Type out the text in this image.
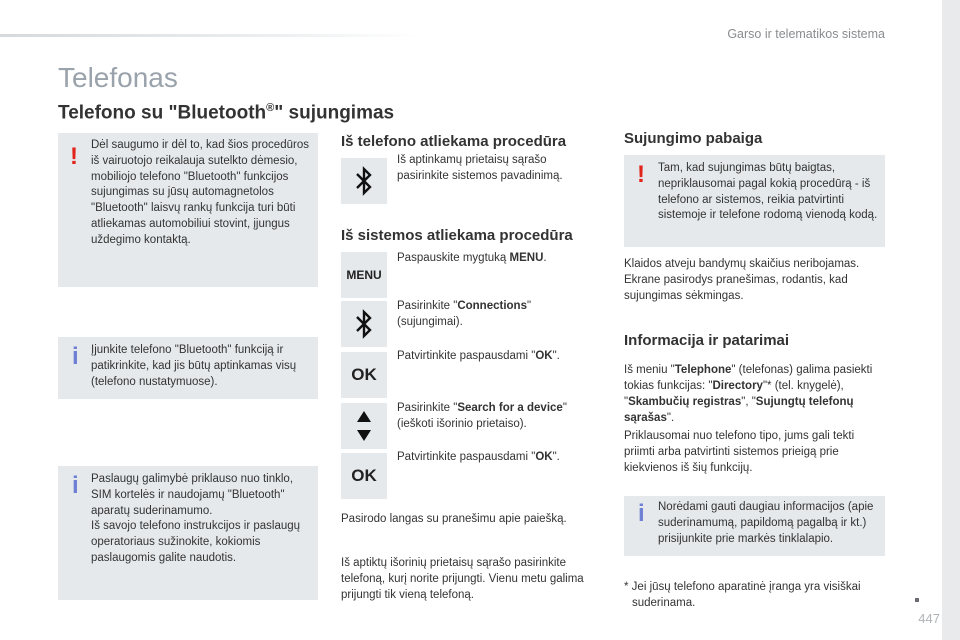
Garso ir telematikos sistema
Telefonas
Telefono su "Bluetooth®" sujungimas
! Dėl saugumo ir dėl to, kad šios procedūros iš vairuotojo reikalauja sutelkto dėmesio, mobiliojo telefono "Bluetooth" funkcijos sujungimas su jūsų automagnetolos "Bluetooth" laisvų rankų funkcija turi būti atliekamas automobiliui stovint, įjungus uždegimo kontaktą.
i Įjunkite telefono "Bluetooth" funkciją ir patikrinkite, kad jis būtų aptinkamas visų (telefono nustatymuose).
i Paslaugų galimybė priklauso nuo tinklo, SIM kortelės ir naudojamų "Bluetooth" aparatų suderinamumo.
Iš savojo telefono instrukcijos ir paslaugų operatoriaus sužinokite, kokiomis paslaugomis galite naudotis.
Iš telefono atliekama procedūra
Iš aptinkamų prietaisų sąrašo pasirinkite sistemos pavadinimą.
Iš sistemos atliekama procedūra
MENU
Paspauskite mygtuką MENU.
Pasirinkite "Connections" (sujungimai).
OK
Patvirtinkite paspausdami "OK".
Pasirinkite "Search for a device" (ieškoti išorinio prietaiso).
OK
Patvirtinkite paspausdami "OK".
Pasirodo langas su pranešimu apie paiešką.
Iš aptiktų išorinių prietaisų sąrašo pasirinkite telefoną, kurį norite prijungti. Vienu metu galima prijungti tik vieną telefoną.
Sujungimo pabaiga
! Tam, kad sujungimas būtų baigtas, nepriklausomai pagal kokią procedūrą - iš telefono ar sistemos, reikia patvirtinti sistemoje ir telefone rodomą vienodą kodą.
Klaidos atveju bandymų skaičius neribojamas.
Ekrane pasirodys pranešimas, rodantis, kad sujungimas sėkmingas.
Informacija ir patarimai
Iš meniu "Telephone" (telefonas) galima pasiekti tokias funkcijas: "Directory"* (tel. knygelė), "Skambučių registras", "Sujungtų telefonų sąrašas".
Priklausomai nuo telefono tipo, jums gali tekti priimti arba patvirtinti sistemos prieigą prie kiekvienos iš šių funkcijų.
i Norėdami gauti daugiau informacijos (apie suderinamumą, papildomą pagalbą ir kt.) prisijunkite prie markės tinklalapio.
* Jei jūsų telefono aparatinė įranga yra visiškai suderinama.
447
